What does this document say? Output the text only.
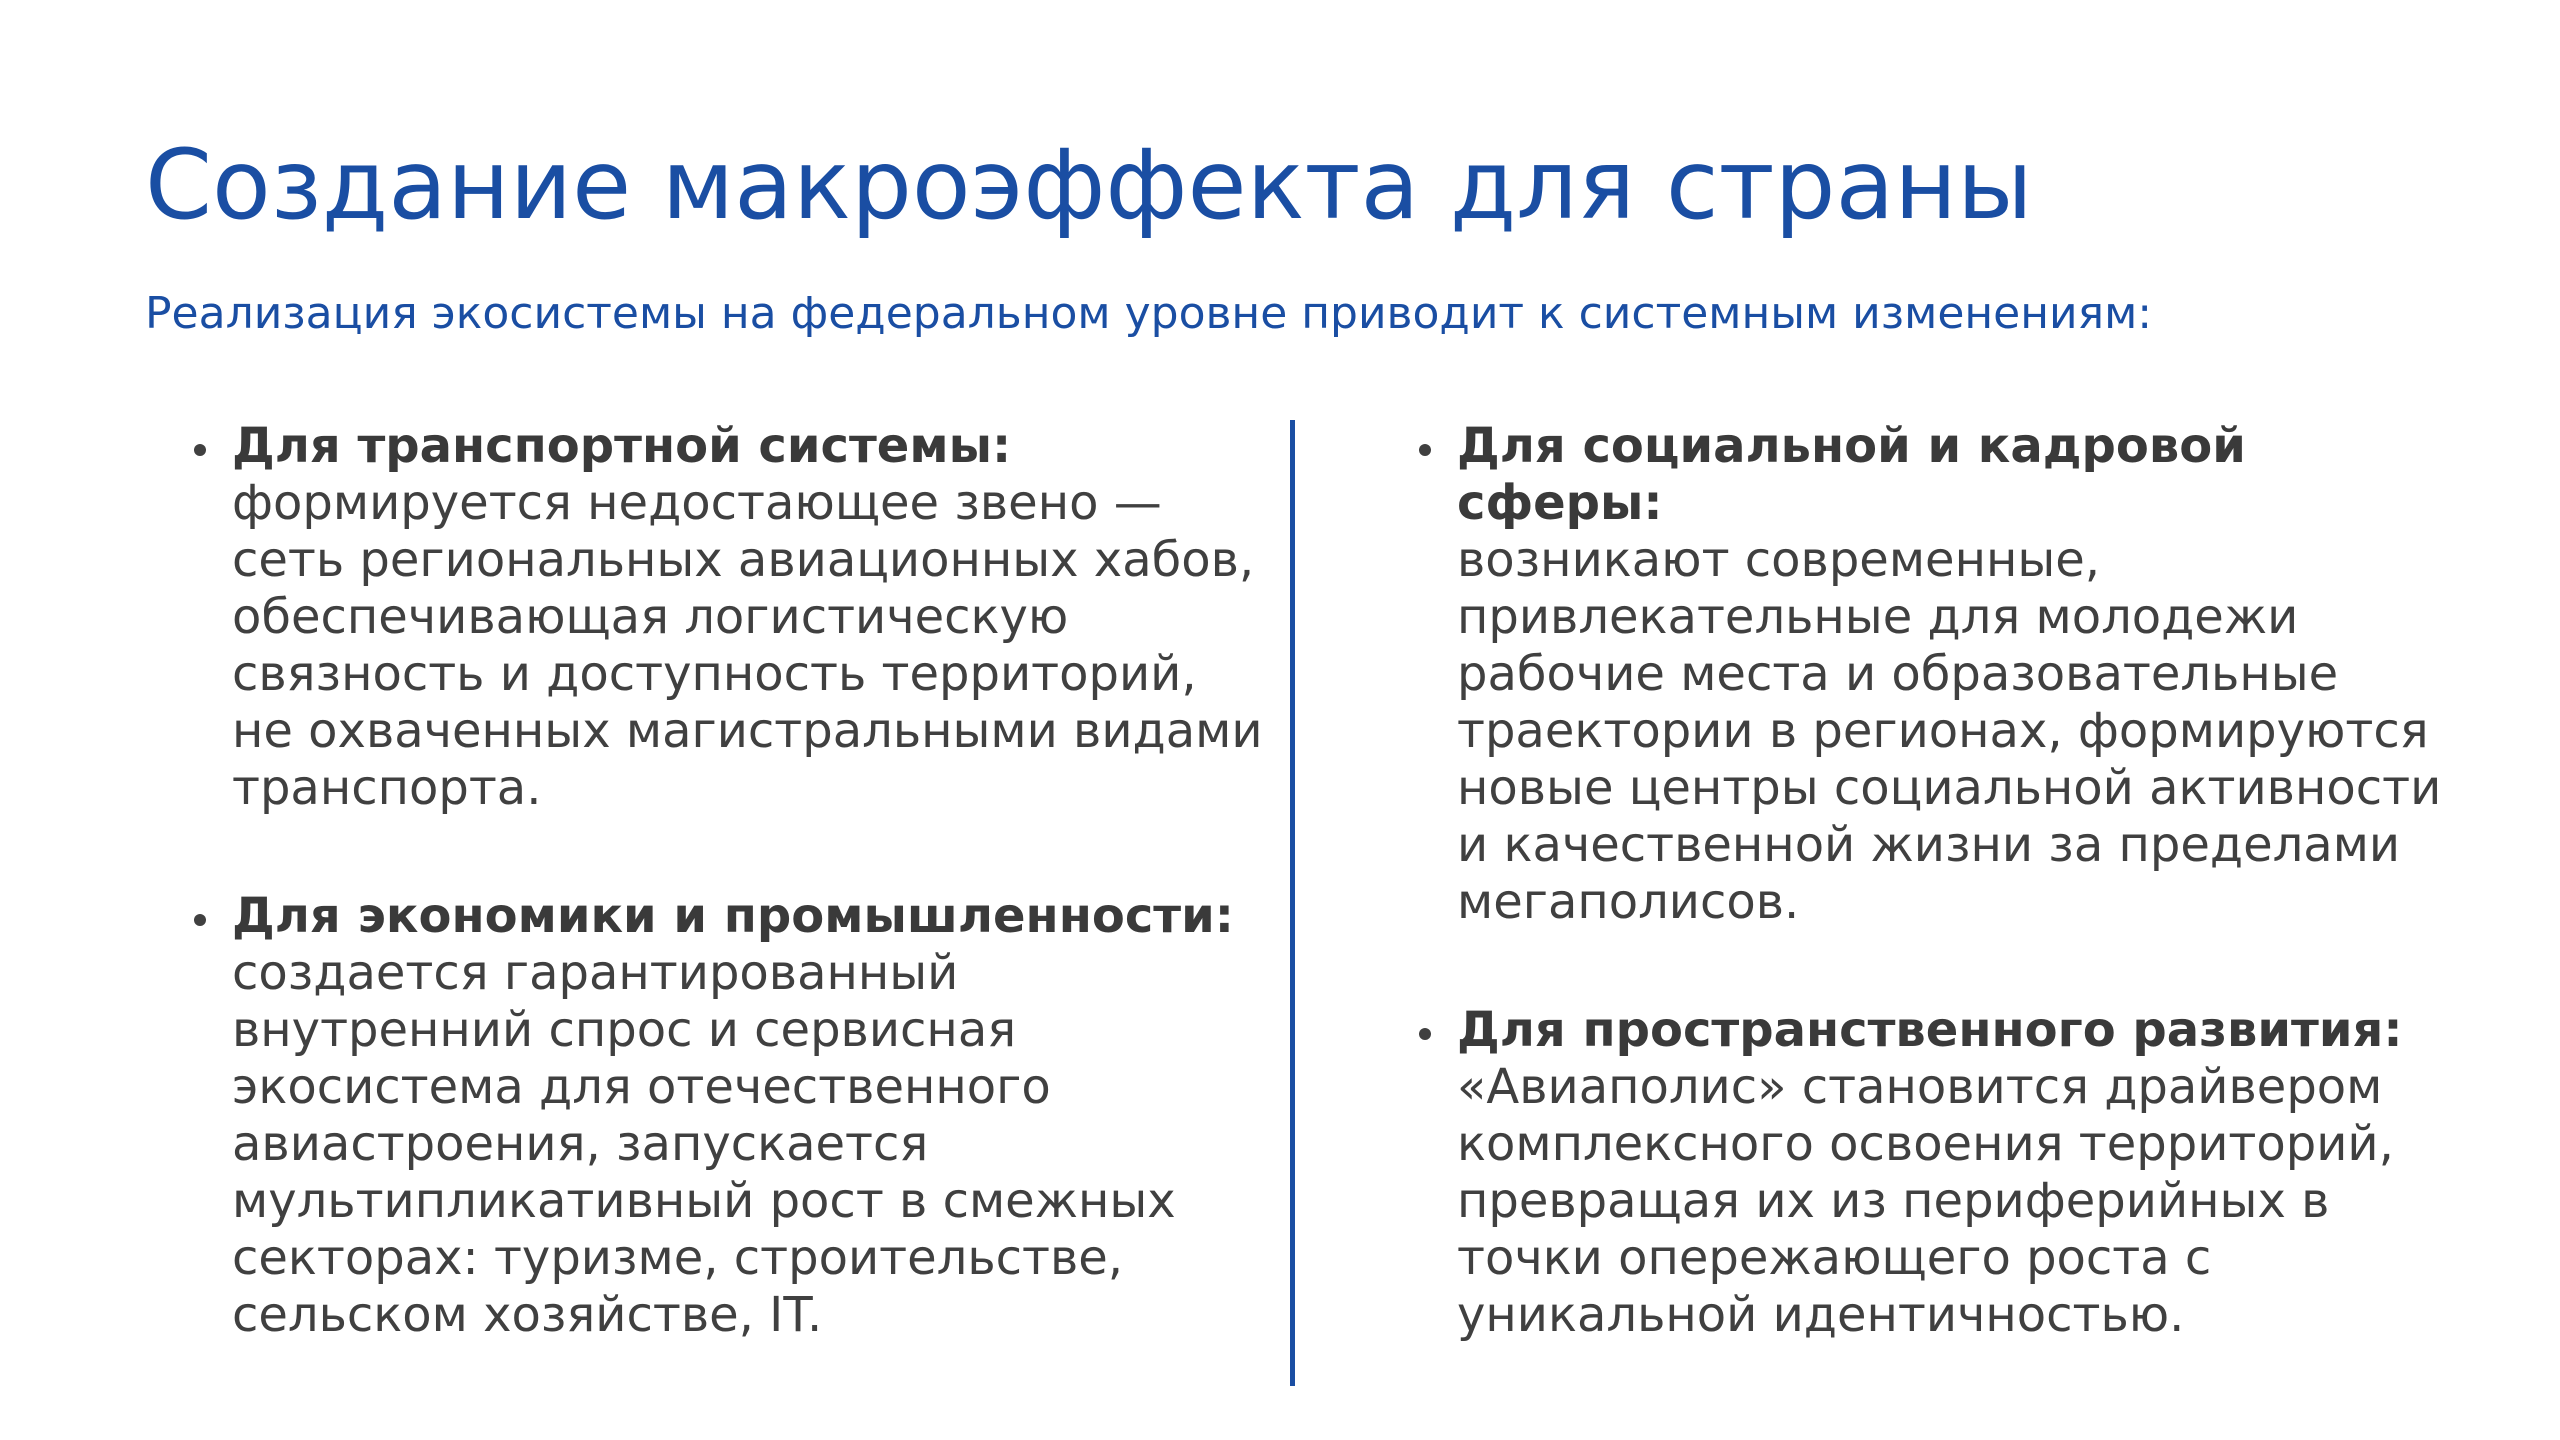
Создание макроэффекта для страны

Реализация экосистемы на федеральном уровне приводит к системным изменениям:

Для транспортной системы:
формируется недостающее звено — сеть региональных авиационных хабов, обеспечивающая логистическую связность и доступность территорий, не охваченных магистральными видами транспорта.
Для экономики и промышленности:
создается гарантированный внутренний спрос и сервисная экосистема для отечественного авиастроения, запускается мультипликативный рост в смежных секторах: туризме, строительстве, сельском хозяйстве, IT.
Для социальной и кадровой сферы:
возникают современные, привлекательные для молодежи рабочие места и образовательные траектории в регионах, формируются новые центры социальной активности и качественной жизни за пределами мегаполисов.
Для пространственного развития:
«Авиаполис» становится драйвером комплексного освоения территорий, превращая их из периферийных в точки опережающего роста с уникальной идентичностью.
